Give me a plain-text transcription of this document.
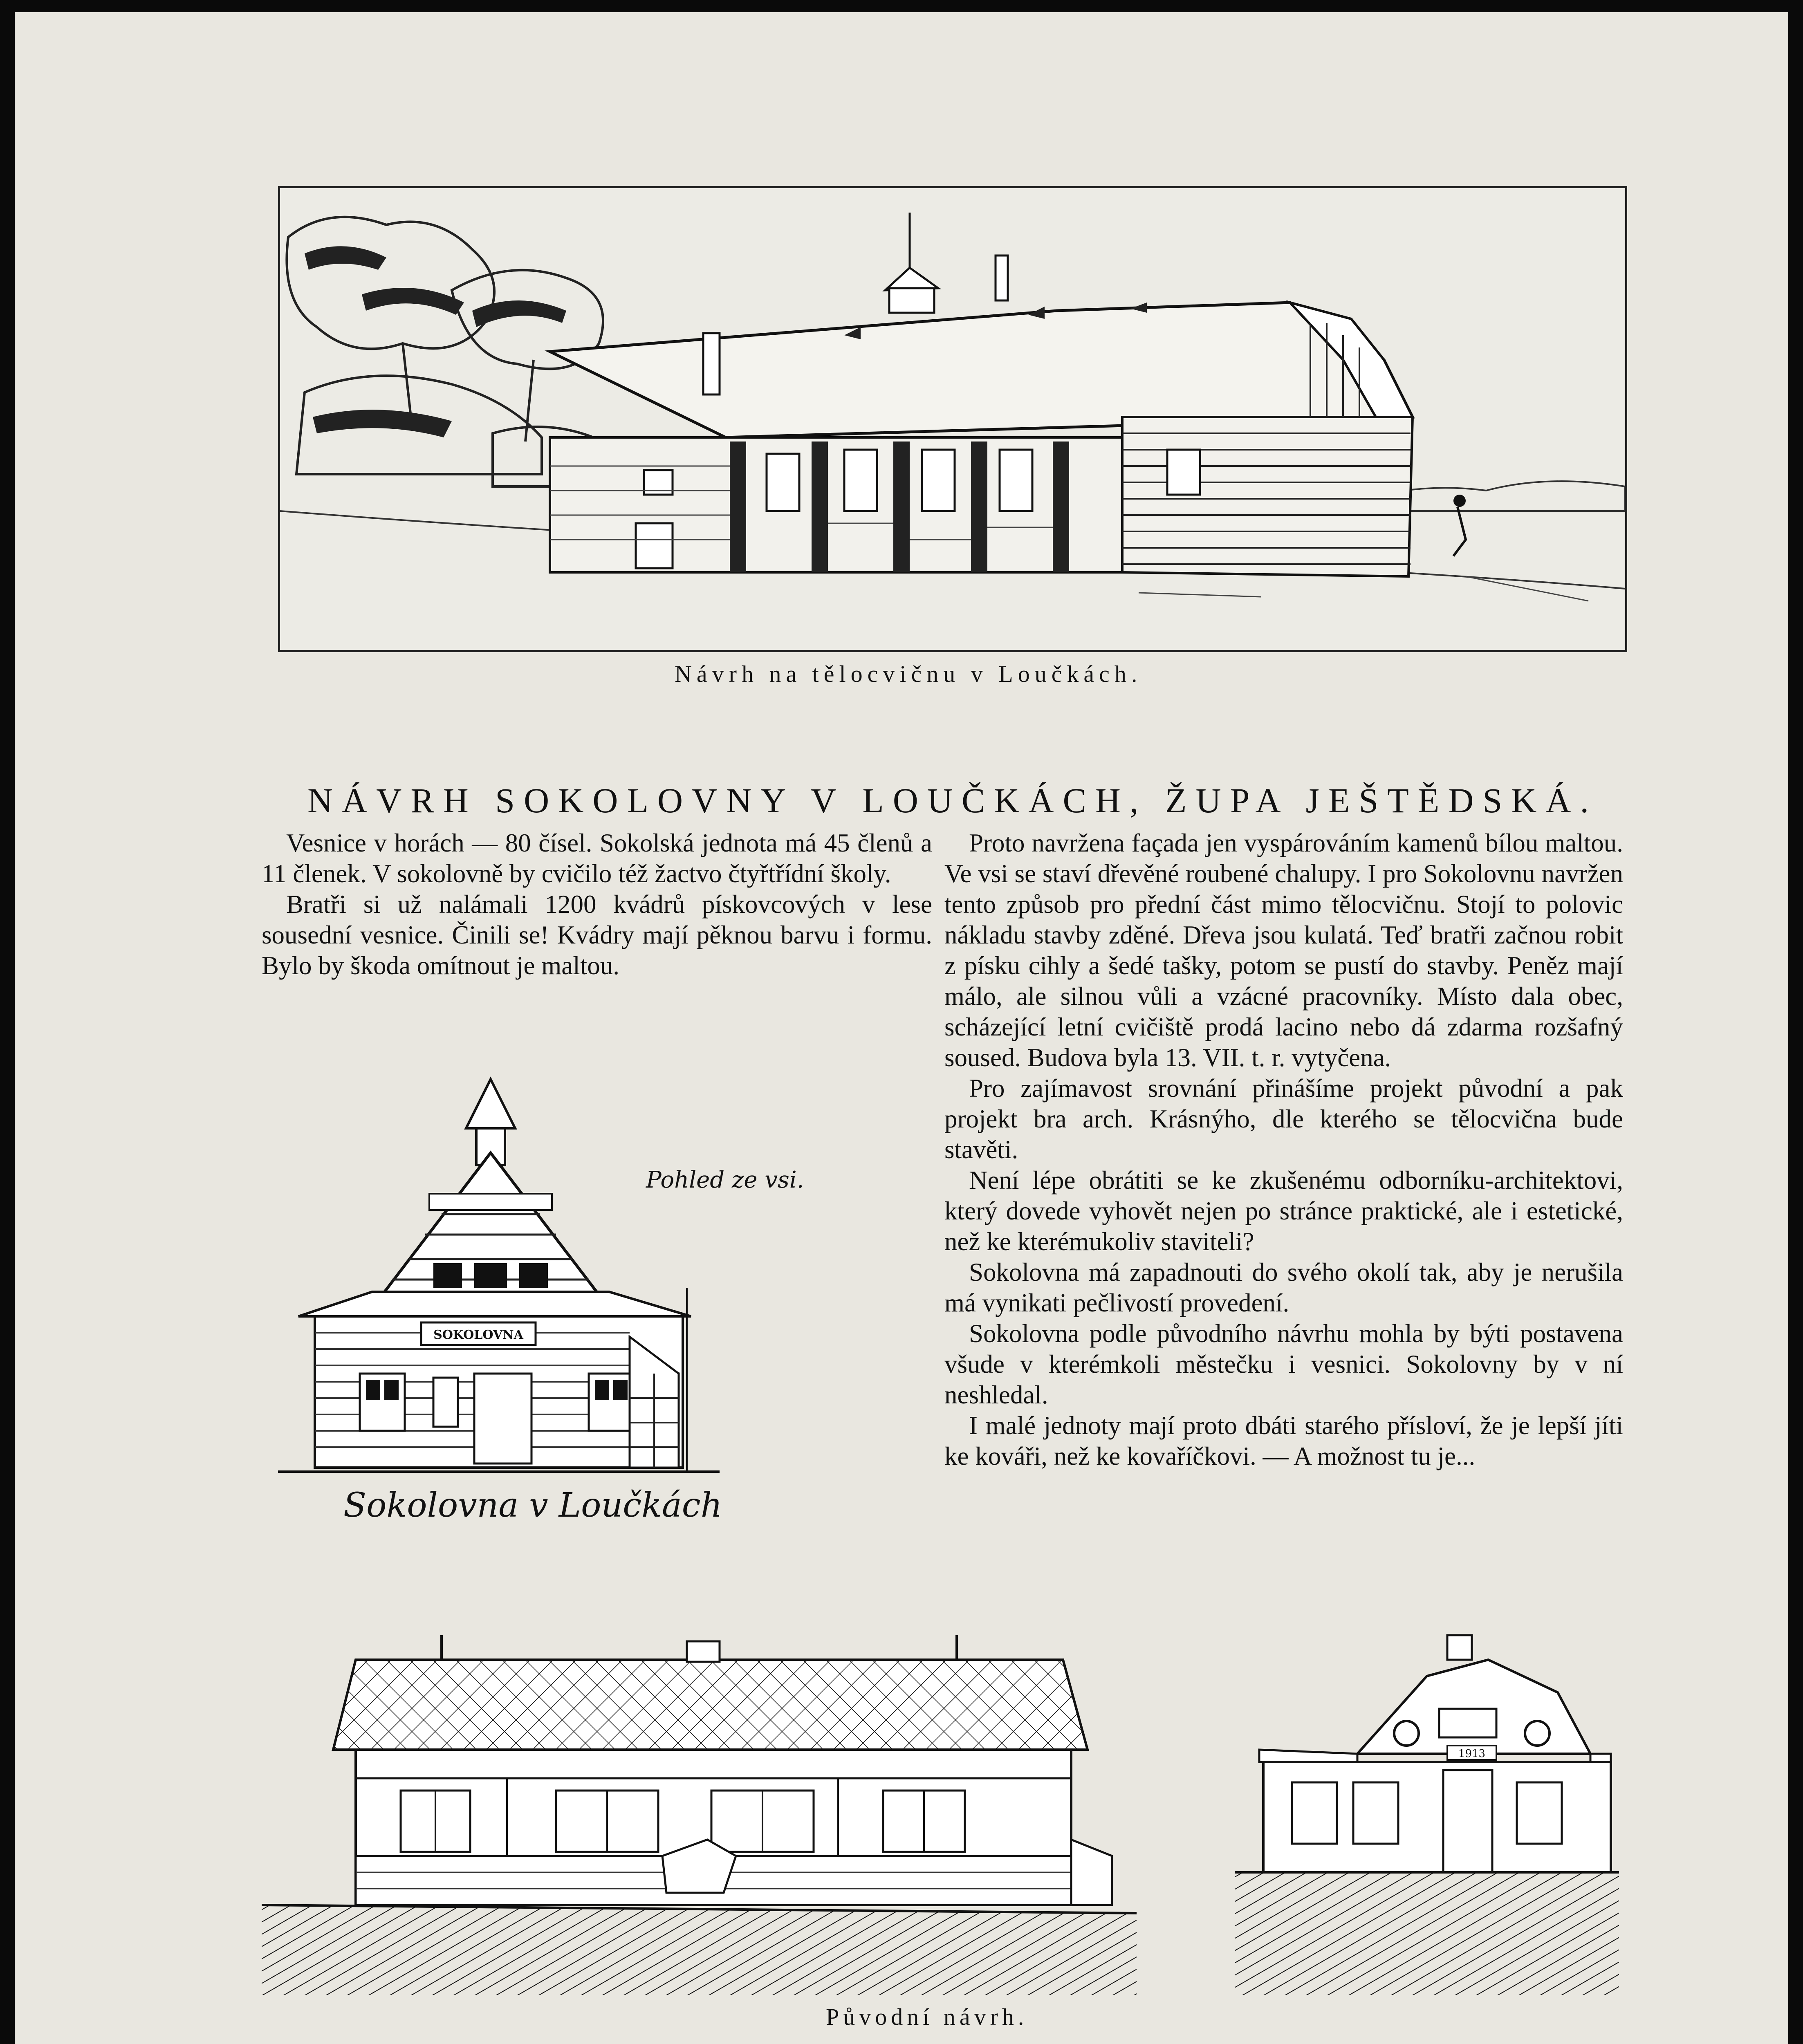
Návrh na tělocvičnu v Loučkách.
NÁVRH SOKOLOVNY V LOUČKÁCH, ŽUPA JEŠTĚDSKÁ.

Vesnice v horách — 80 čísel. Sokolská jednota má 45 členů a 11 členek. V sokolovně by cvičilo též žactvo čtyřtřídní školy.

Bratři si už nalámali 1200 kvádrů pískovcových v lese sousední vesnice. Činili se! Kvádry mají pěknou barvu i formu. Bylo by škoda omítnout je maltou.

Proto navržena façada jen vyspárováním kamenů bílou maltou. Ve vsi se staví dřevěné roubené chalupy. I pro Sokolovnu navržen tento způsob pro přední část mimo tělocvičnu. Stojí to polovic nákladu stavby zděné. Dřeva jsou kulatá. Teď bratři začnou robit z písku cihly a šedé tašky, potom se pustí do stavby. Peněz mají málo, ale silnou vůli a vzácné pracovníky. Místo dala obec, scházející letní cvičiště prodá lacino nebo dá zdarma rozšafný soused. Budova byla 13. VII. t. r. vytyčena.

Pro zajímavost srovnání přinášíme projekt původní a pak projekt bra arch. Krásnýho, dle kterého se tělocvična bude stavěti.

Není lépe obrátiti se ke zkušenému odborníku-architektovi, který dovede vyhovět nejen po stránce praktické, ale i estetické, než ke kterémukoliv staviteli?

Sokolovna má zapadnouti do svého okolí tak, aby je nerušila má vynikati pečlivostí provedení.

Sokolovna podle původního návrhu mohla by býti postavena všude v kterémkoli městečku i vesnici. Sokolovny by v ní neshledal.

I malé jednoty mají proto dbáti starého přísloví, že je lepší jíti ke kováři, než ke kovaříčkovi. — A možnost tu je...

SOKOLOVNA
Pohled ze vsi.
Sokolovna v Loučkách
1913
Původní návrh.
